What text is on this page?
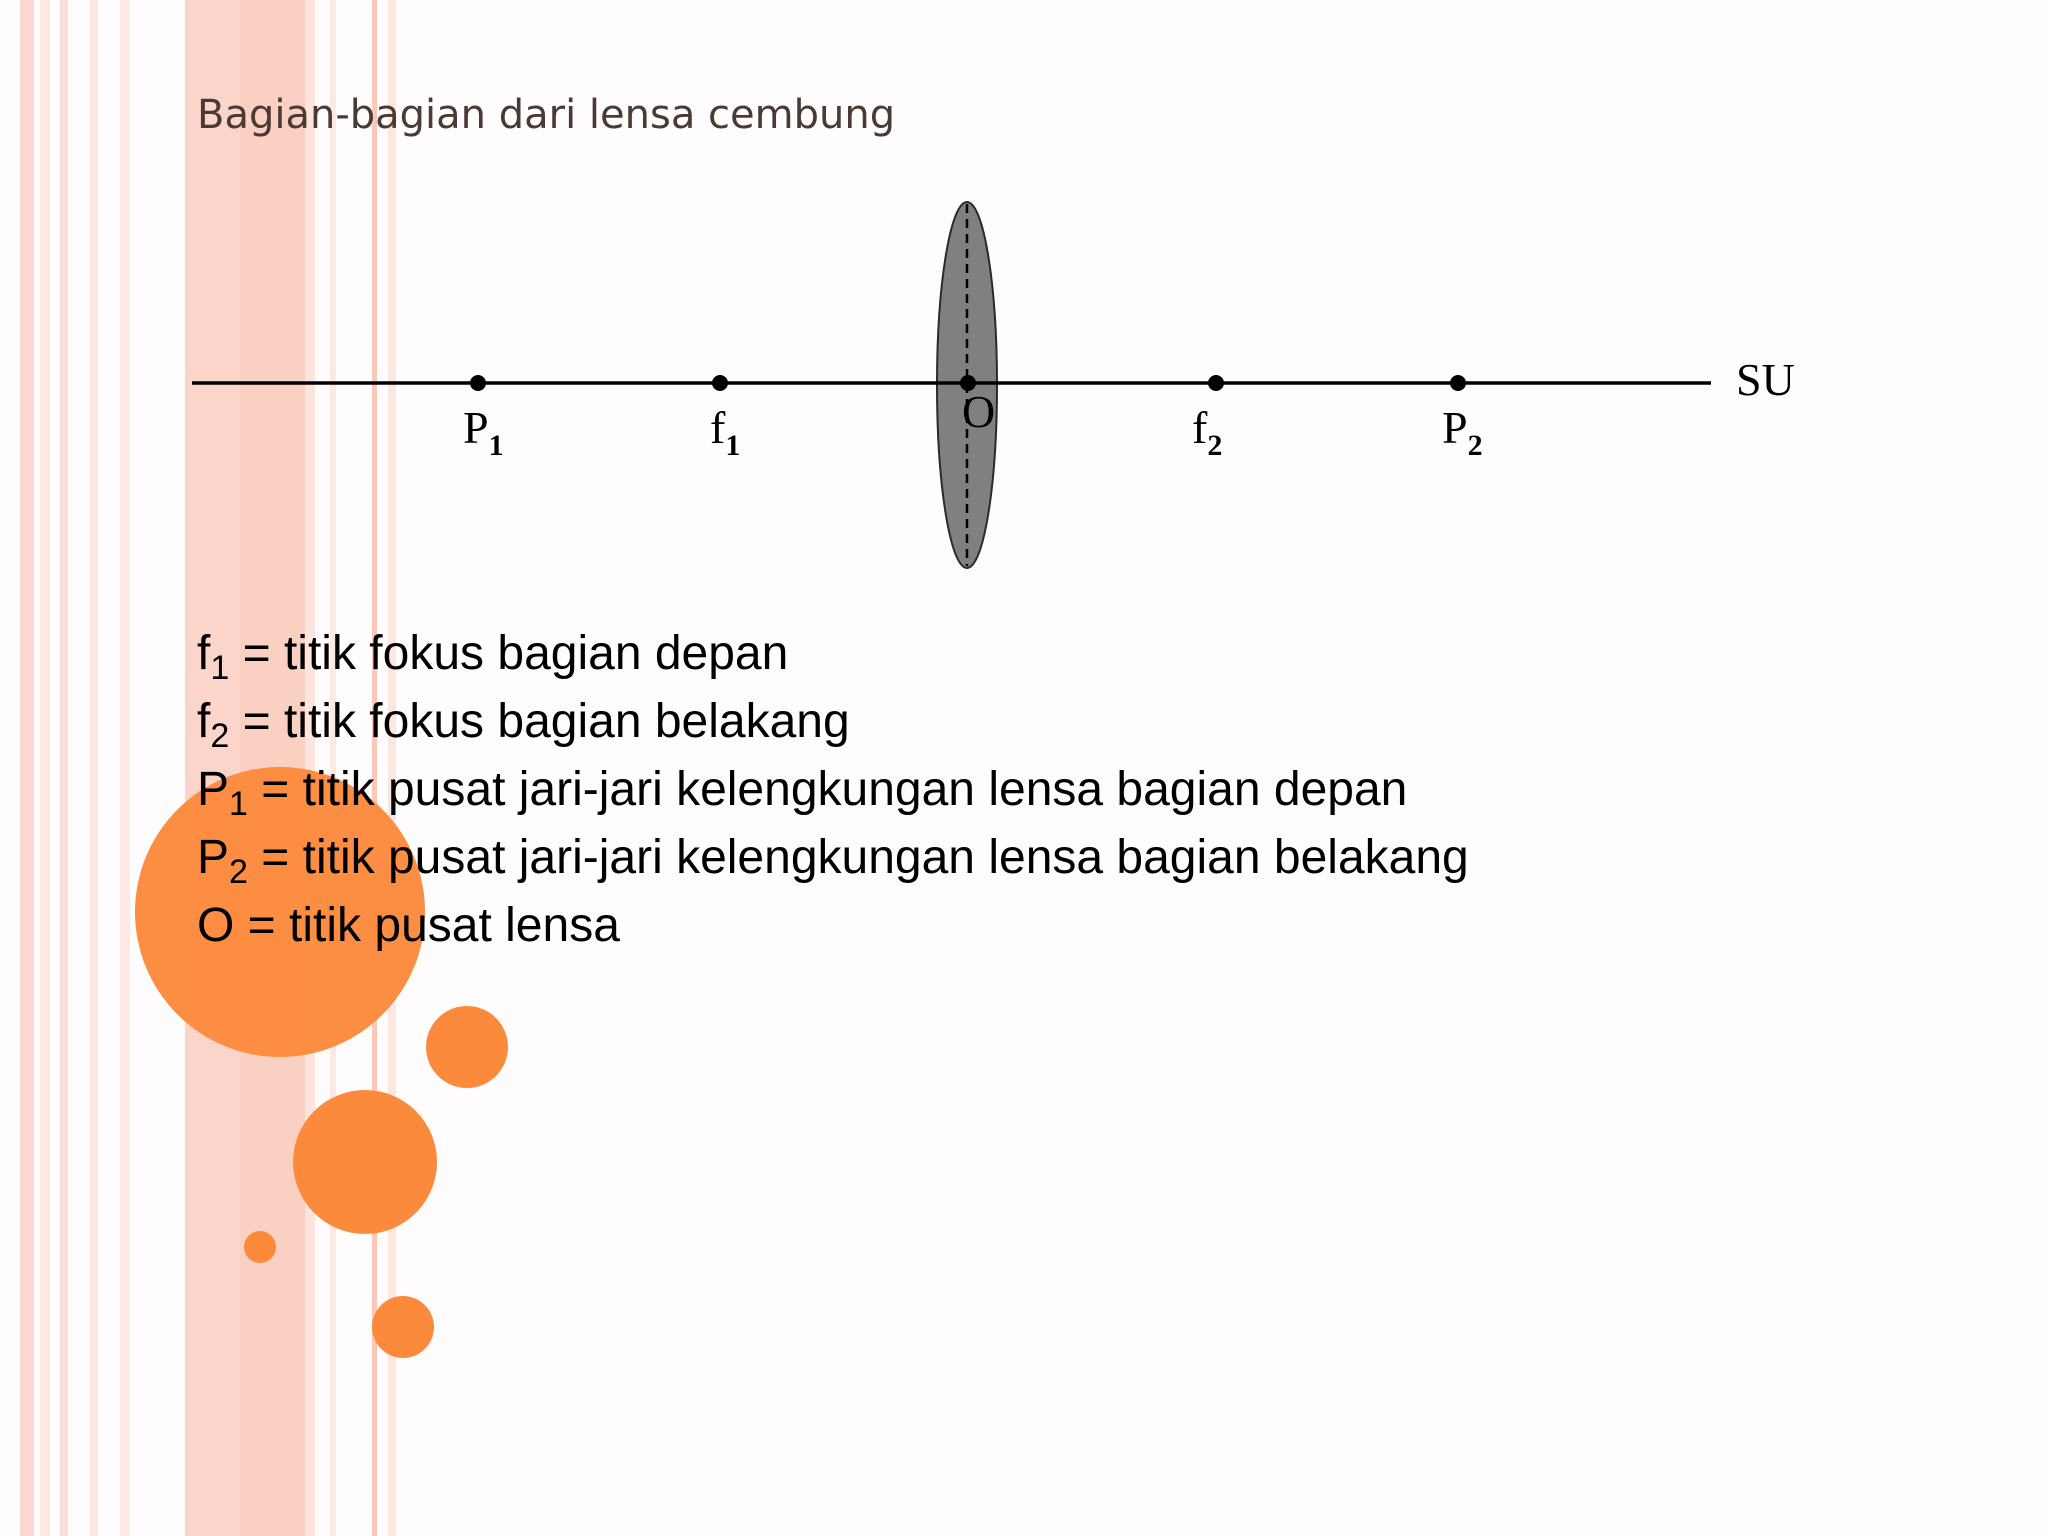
Bagian-bagian dari lensa cembung
$P_1$	$f_1$
O	$f_2$	$P_2$
SU
$f_1$ = titik fokus bagian depan
$f_2$ = titik fokus bagian belakang
$P_1$ = titik pusat jari-jari kelengkungan lensa bagian depan
$P_2$ = titik pusat jari-jari kelengkungan lensa bagian belakang
O = titik pusat lensa
